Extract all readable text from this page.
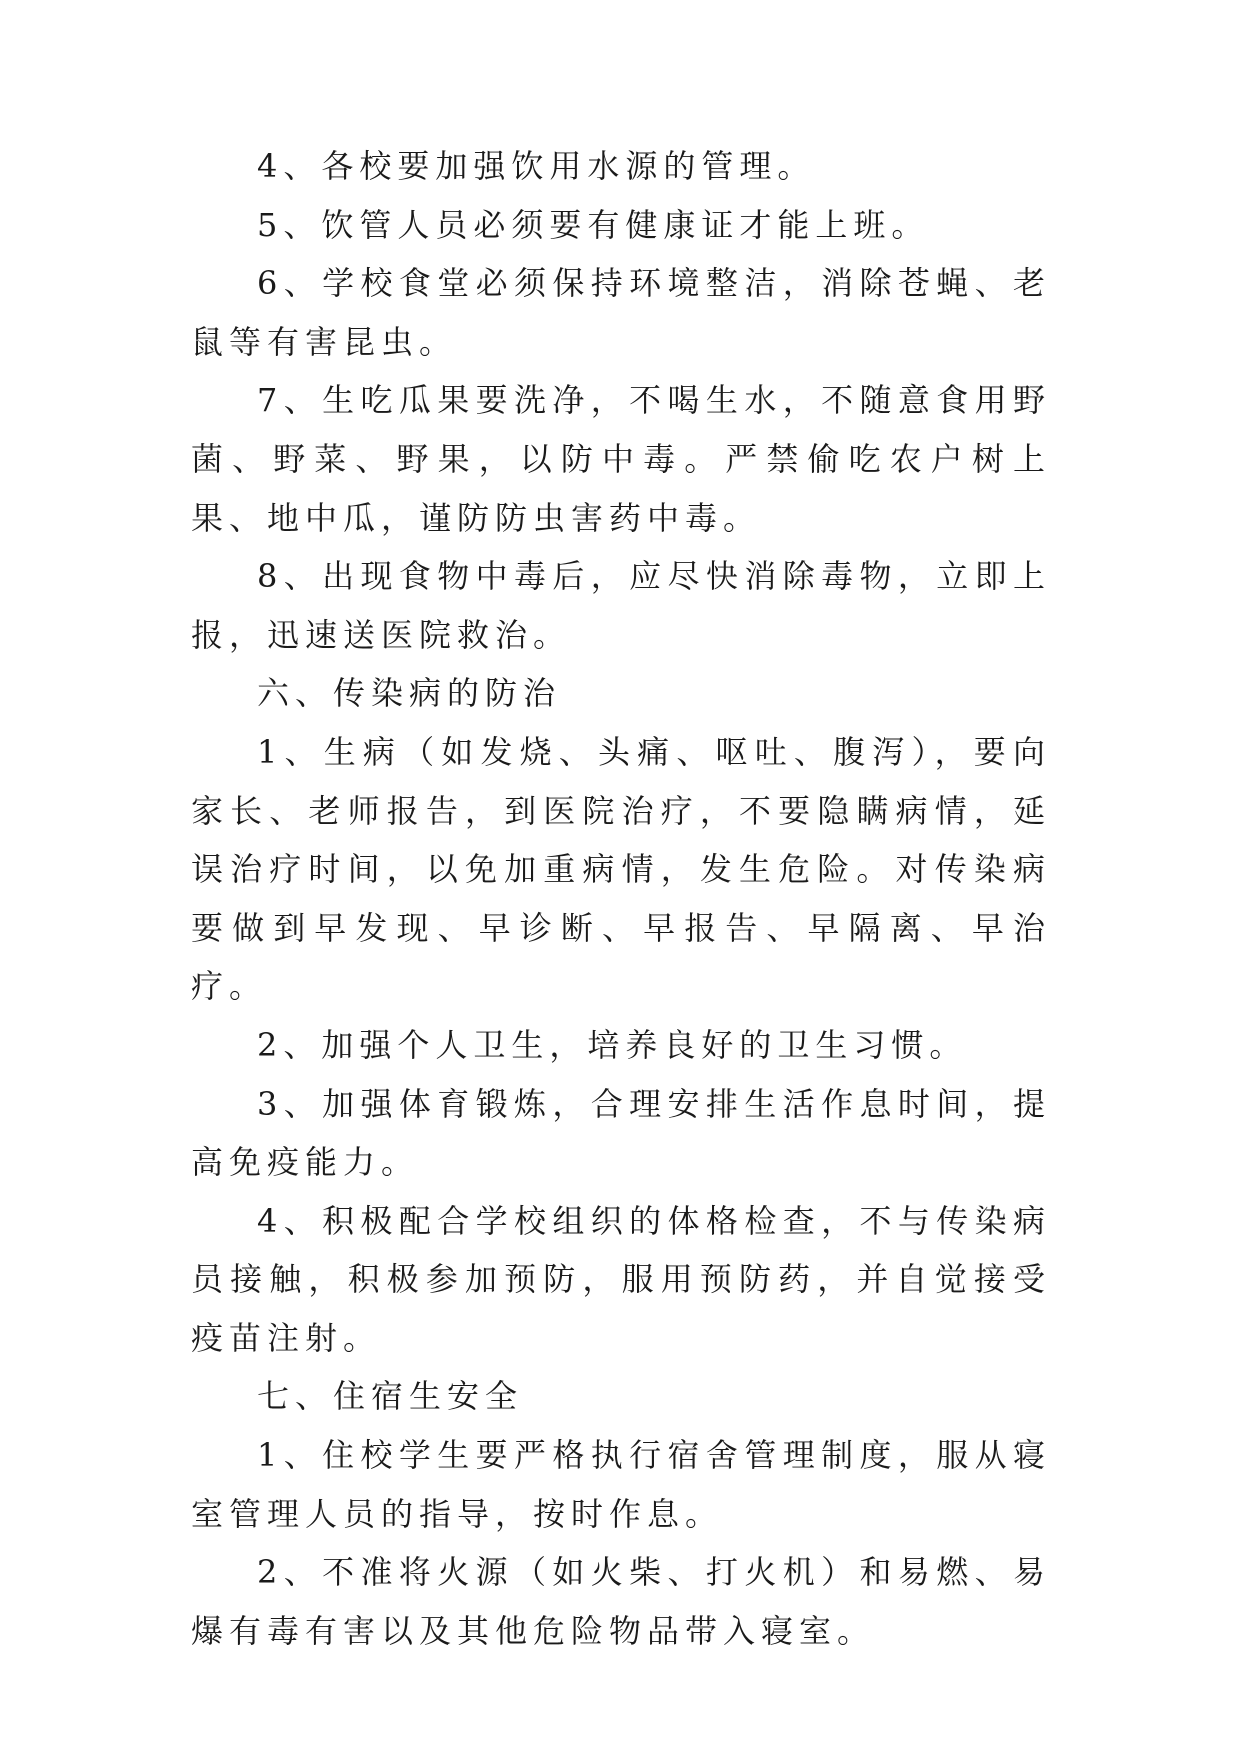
4、各校要加强饮用水源的管理。

5、饮管人员必须要有健康证才能上班。

6、学校食堂必须保持环境整洁，消除苍蝇、老鼠等有害昆虫。

7、生吃瓜果要洗净，不喝生水，不随意食用野菌、野菜、野果，以防中毒。严禁偷吃农户树上果、地中瓜，谨防防虫害药中毒。

8、出现食物中毒后，应尽快消除毒物，立即上报，迅速送医院救治。

六、传染病的防治

1、生病（如发烧、头痛、呕吐、腹泻），要向家长、老师报告，到医院治疗，不要隐瞒病情，延误治疗时间，以免加重病情，发生危险。对传染病要做到早发现、早诊断、早报告、早隔离、早治疗。

2、加强个人卫生，培养良好的卫生习惯。

3、加强体育锻炼，合理安排生活作息时间，提高免疫能力。

4、积极配合学校组织的体格检查，不与传染病员接触，积极参加预防，服用预防药，并自觉接受疫苗注射。

七、住宿生安全

1、住校学生要严格执行宿舍管理制度，服从寝室管理人员的指导，按时作息。

2、不准将火源（如火柴、打火机）和易燃、易爆有毒有害以及其他危险物品带入寝室。
